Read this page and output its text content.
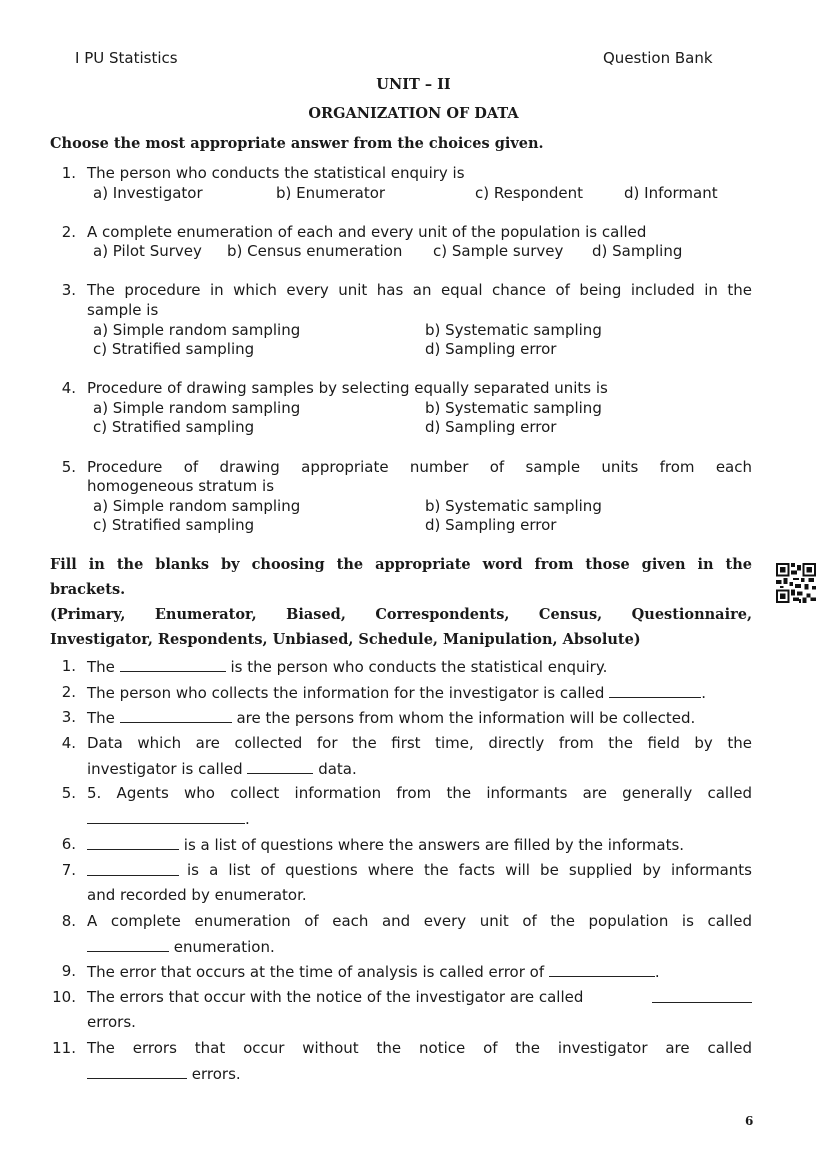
I PU Statistics	Question Bank
UNIT – II
ORGANIZATION OF DATA
Choose the most appropriate answer from the choices given.
1. The person who conducts the statistical enquiry is
a) Investigator	b) Enumerator	c) Respondent	d) Informant
2. A complete enumeration of each and every unit of the population is called
a) Pilot Survey b) Census enumeration c) Sample survey d) Sampling
3. The procedure in which every unit has an equal chance of being included in the
sample is
a) Simple random sampling	b) Systematic sampling
c) Stratified sampling	d) Sampling error
4. Procedure of drawing samples by selecting equally separated units is
a) Simple random sampling	b) Systematic sampling
c) Stratified sampling	d) Sampling error
5. Procedure of drawing appropriate number of sample units from each
homogeneous stratum is
a) Simple random sampling	b) Systematic sampling
c) Stratified sampling	d) Sampling error
Fill in the blanks by choosing the appropriate word from those given in the
brackets.
(Primary, Enumerator, Biased, Correspondents, Census, Questionnaire,
Investigator, Respondents, Unbiased, Schedule, Manipulation, Absolute)
1. The	is the person who conducts the statistical enquiry.
2. The person who collects the information for the investigator is called	.
3. The	are the persons from whom the information will be collected.
4. Data which are collected for the first time, directly from the field by the
investigator is called	data.
5. 5. Agents who collect information from the informants are generally called
.
6.	is a list of questions where the answers are filled by the informats.
7.	is a list of questions where the facts will be supplied by informants
and recorded by enumerator.
8. A complete enumeration of each and every unit of the population is called
enumeration.
9. The error that occurs at the time of analysis is called error of	.
10. The errors that occur with the notice of the investigator are called
errors.
11. The errors that occur without the notice of the investigator are called
errors.
6
